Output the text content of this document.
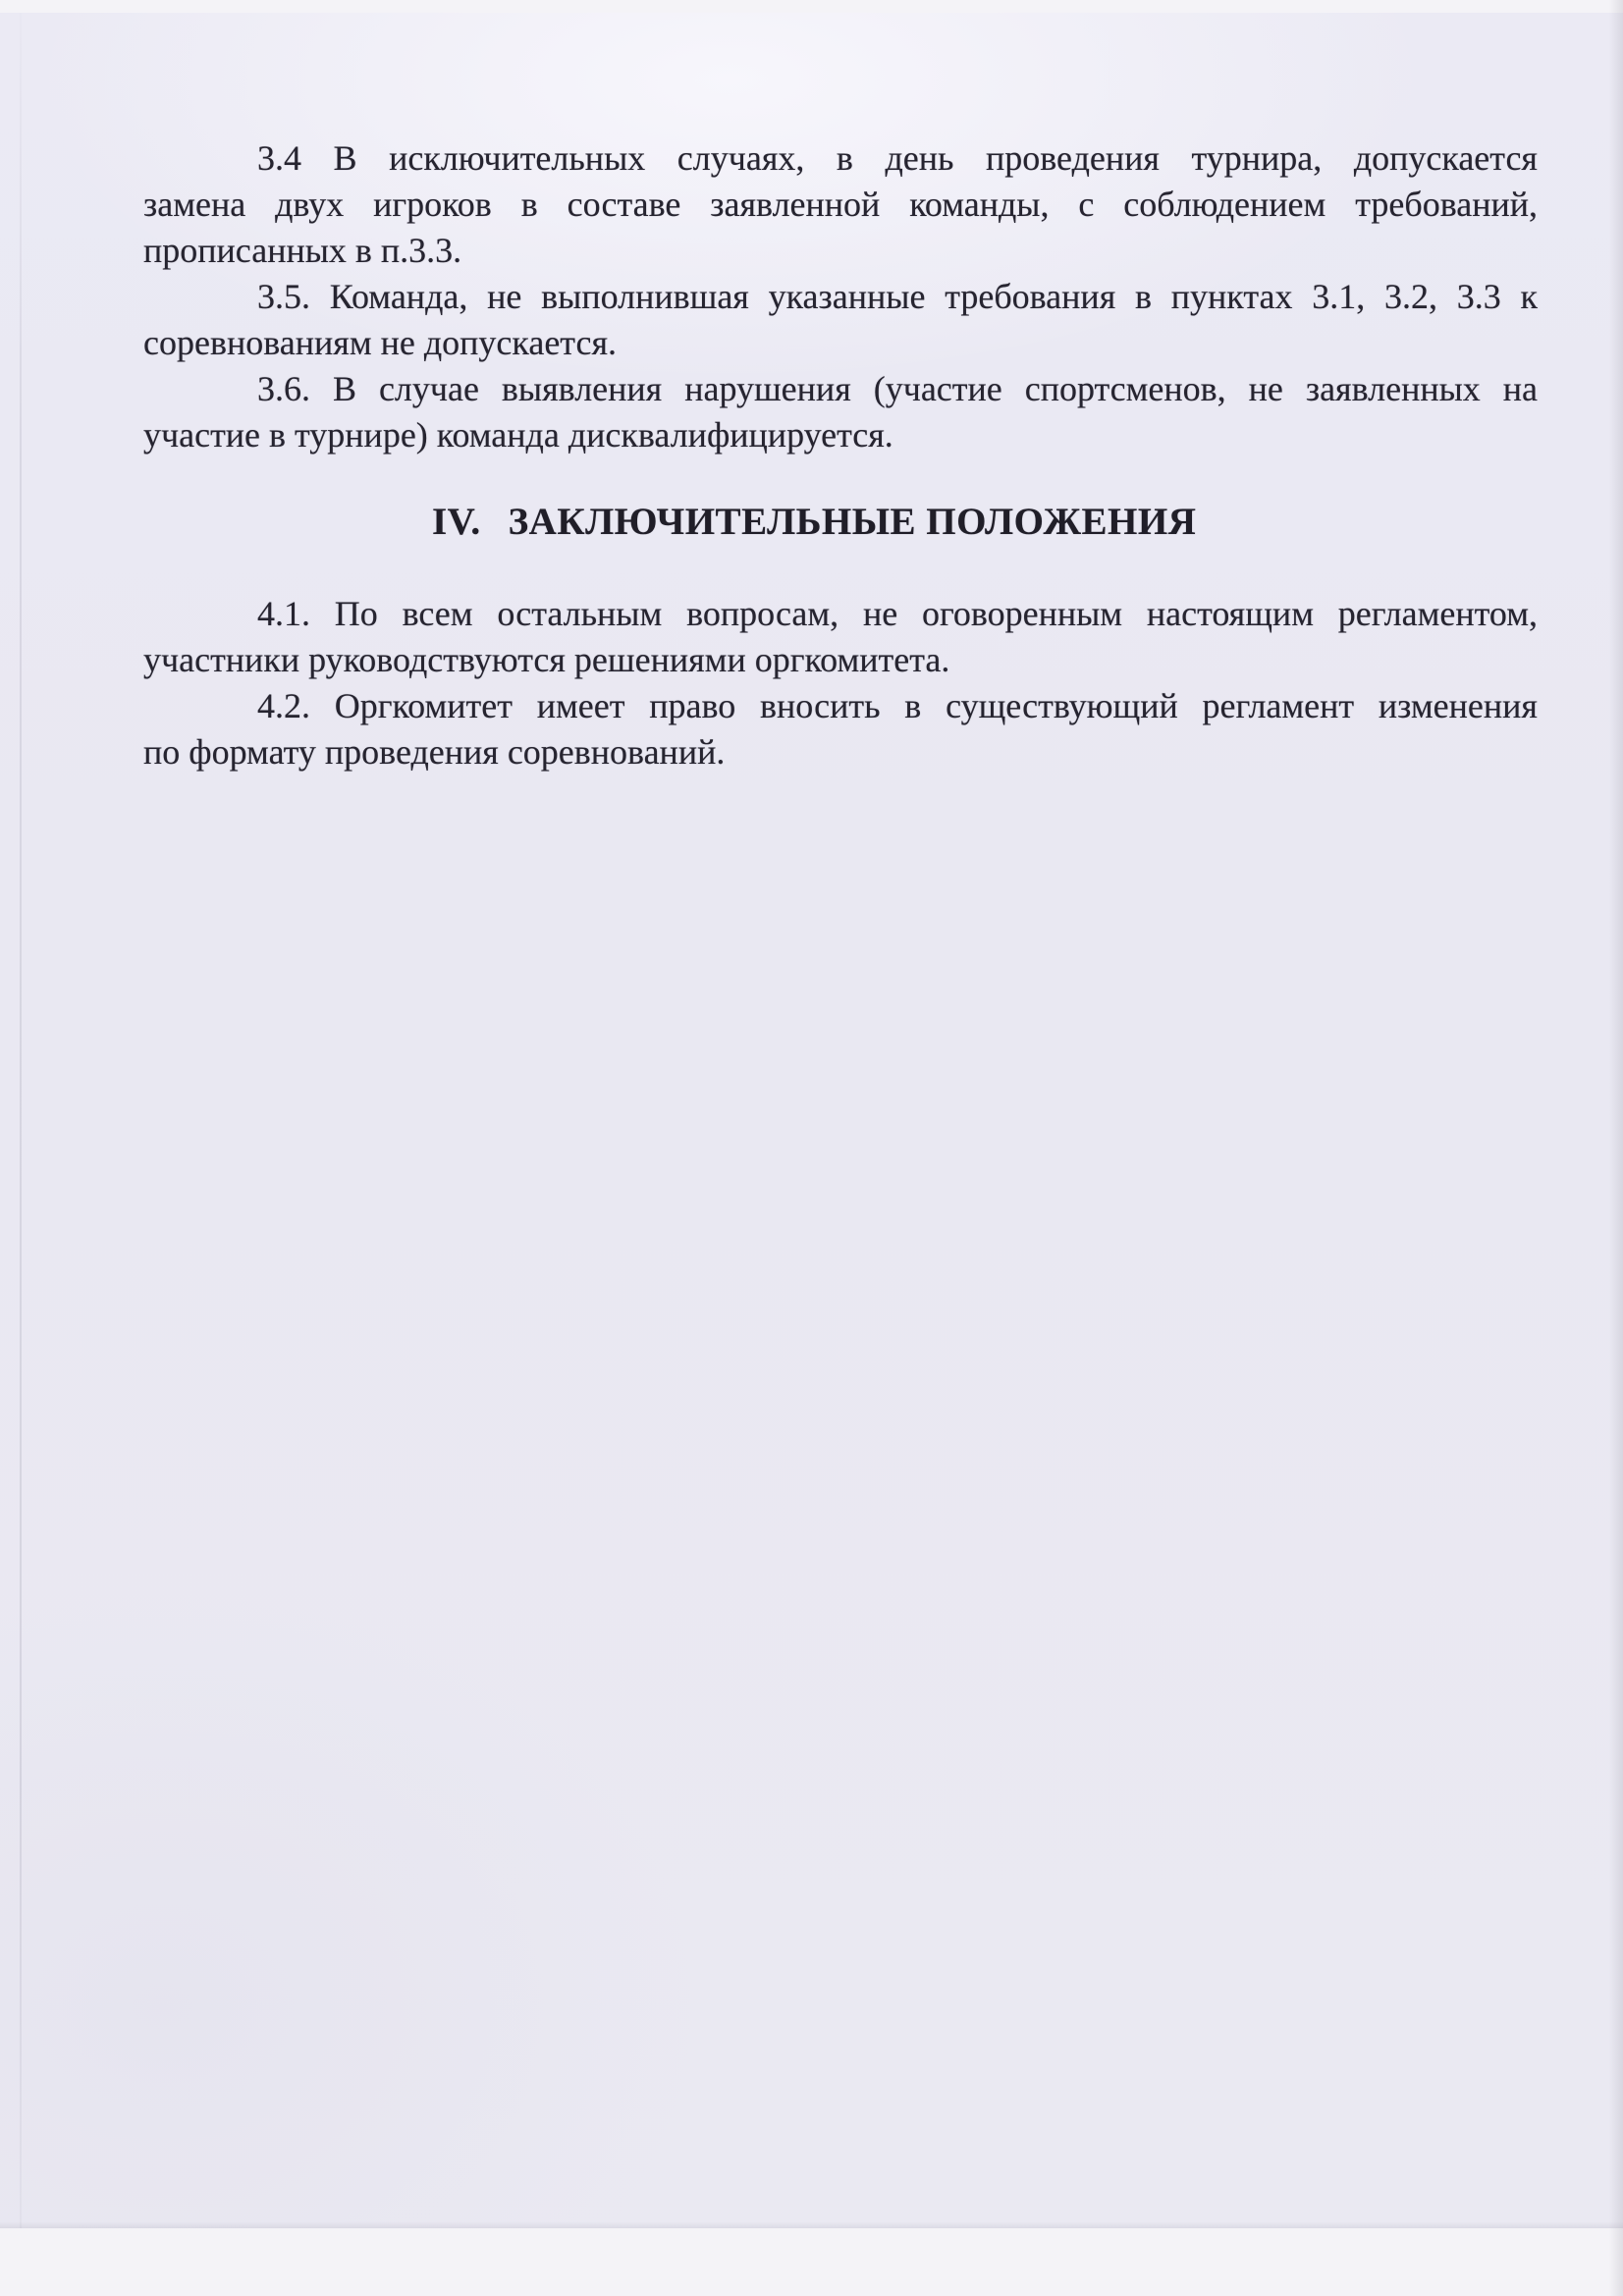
3.4 В исключительных случаях, в день проведения турнира, допускается
замена двух игроков в составе заявленной команды, с соблюдением требований,
прописанных в п.3.3.

3.5. Команда, не выполнившая указанные требования в пунктах 3.1, 3.2, 3.3 к
соревнованиям не допускается.

3.6. В случае выявления нарушения (участие спортсменов, не заявленных на
участие в турнире) команда дисквалифицируется.

IV. ЗАКЛЮЧИТЕЛЬНЫЕ ПОЛОЖЕНИЯ

4.1. По всем остальным вопросам, не оговоренным настоящим регламентом,
участники руководствуются решениями оргкомитета.

4.2. Оргкомитет имеет право вносить в существующий регламент изменения
по формату проведения соревнований.
